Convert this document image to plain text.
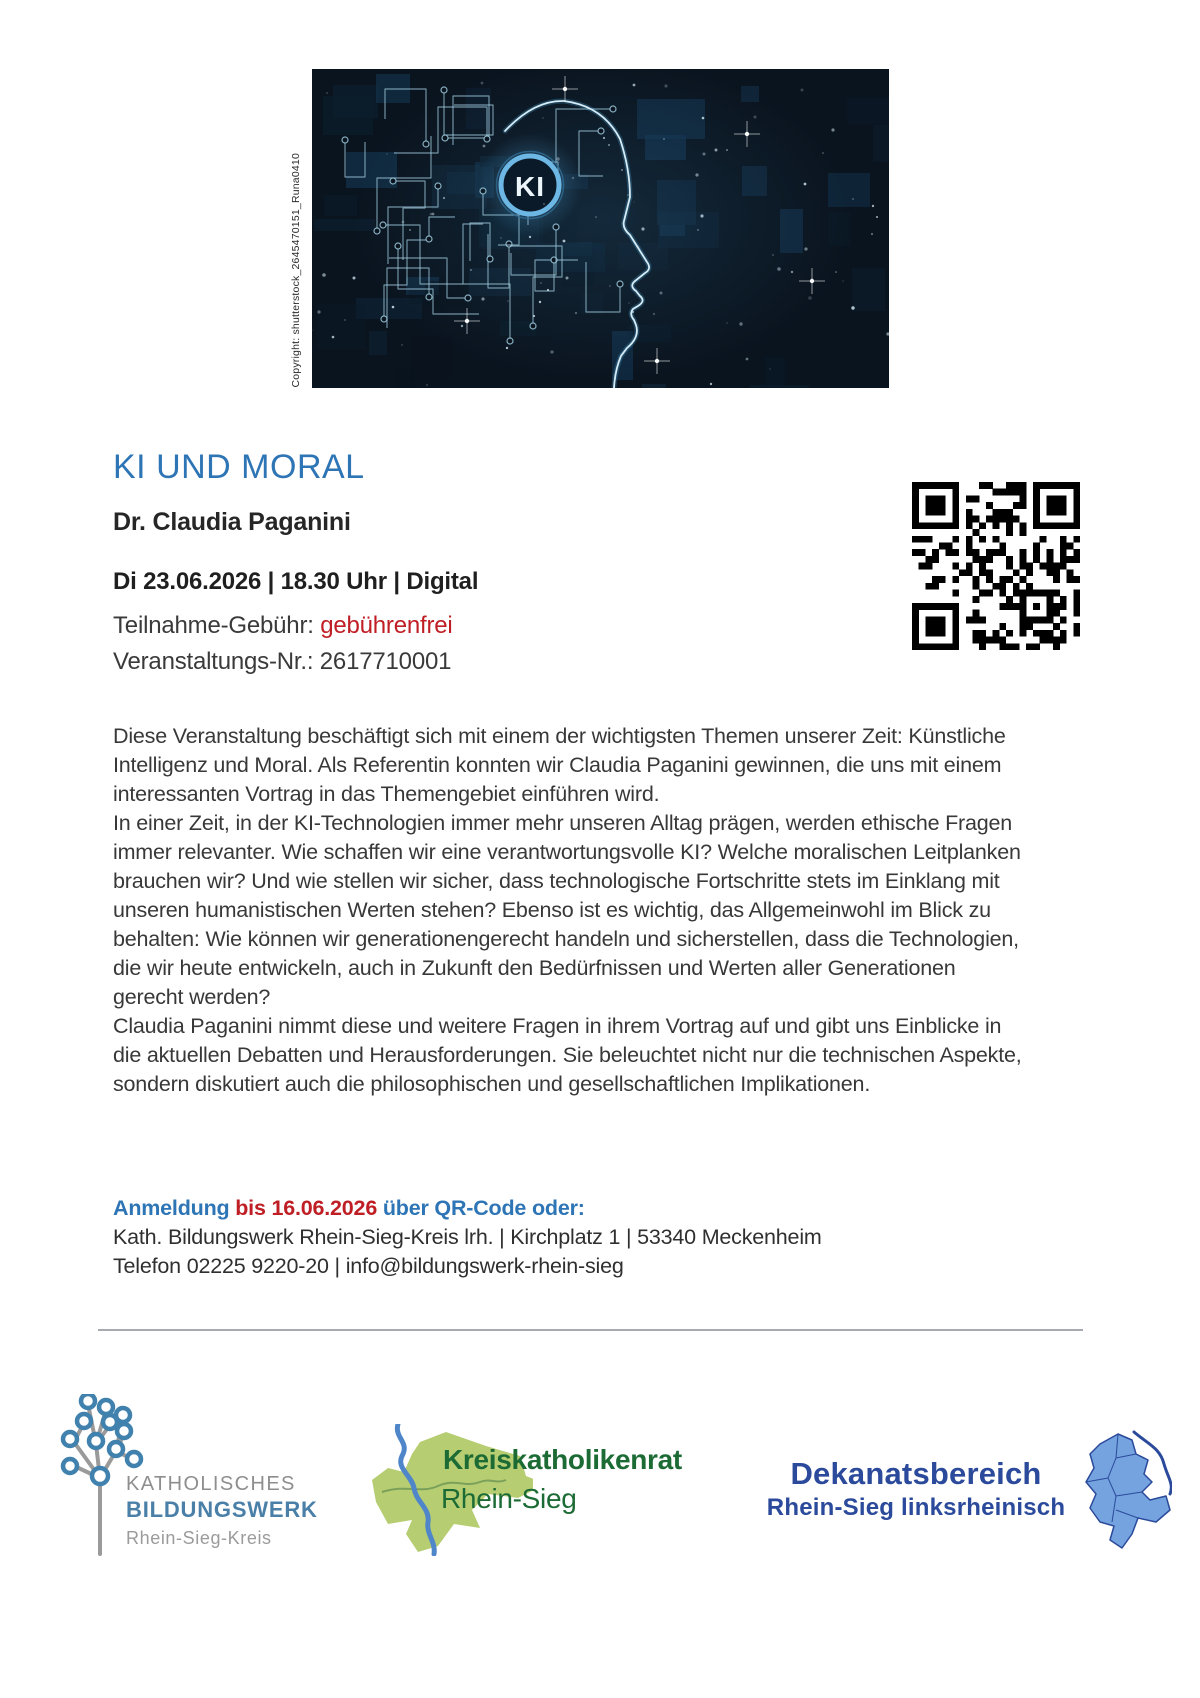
KI
Copyright: shutterstock_2645470151_Runa0410
KI UND MORAL
Dr. Claudia Paganini
Di 23.06.2026 | 18.30 Uhr | Digital
Teilnahme-Gebühr: gebührenfrei
Veranstaltungs-Nr.: 2617710001

Diese Veranstaltung beschäftigt sich mit einem der wichtigsten Themen unserer Zeit: Künstliche Intelligenz und Moral. Als Referentin konnten wir Claudia Paganini gewinnen, die uns mit einem interessanten Vortrag in das Themengebiet einführen wird.

In einer Zeit, in der KI-Technologien immer mehr unseren Alltag prägen, werden ethische Fragen immer relevanter. Wie schaffen wir eine verantwortungsvolle KI? Welche moralischen Leitplanken brauchen wir? Und wie stellen wir sicher, dass technologische Fortschritte stets im Einklang mit unseren humanistischen Werten stehen? Ebenso ist es wichtig, das Allgemeinwohl im Blick zu behalten: Wie können wir generationengerecht handeln und sicherstellen, dass die Technologien, die wir heute entwickeln, auch in Zukunft den Bedürfnissen und Werten aller Generationen gerecht werden?

Claudia Paganini nimmt diese und weitere Fragen in ihrem Vortrag auf und gibt uns Einblicke in die aktuellen Debatten und Herausforderungen. Sie beleuchtet nicht nur die technischen Aspekte, sondern diskutiert auch die philosophischen und gesellschaftlichen Implikationen.

Anmeldung bis 16.06.2026 über QR-Code oder:
Kath. Bildungswerk Rhein-Sieg-Kreis lrh. | Kirchplatz 1 | 53340 Meckenheim
Telefon 02225 9220-20 | info@bildungswerk-rhein-sieg
KATHOLISCHES
BILDUNGSWERK
Rhein-Sieg-Kreis
Kreiskatholikenrat
Rhein-Sieg
Dekanatsbereich
Rhein-Sieg linksrheinisch
